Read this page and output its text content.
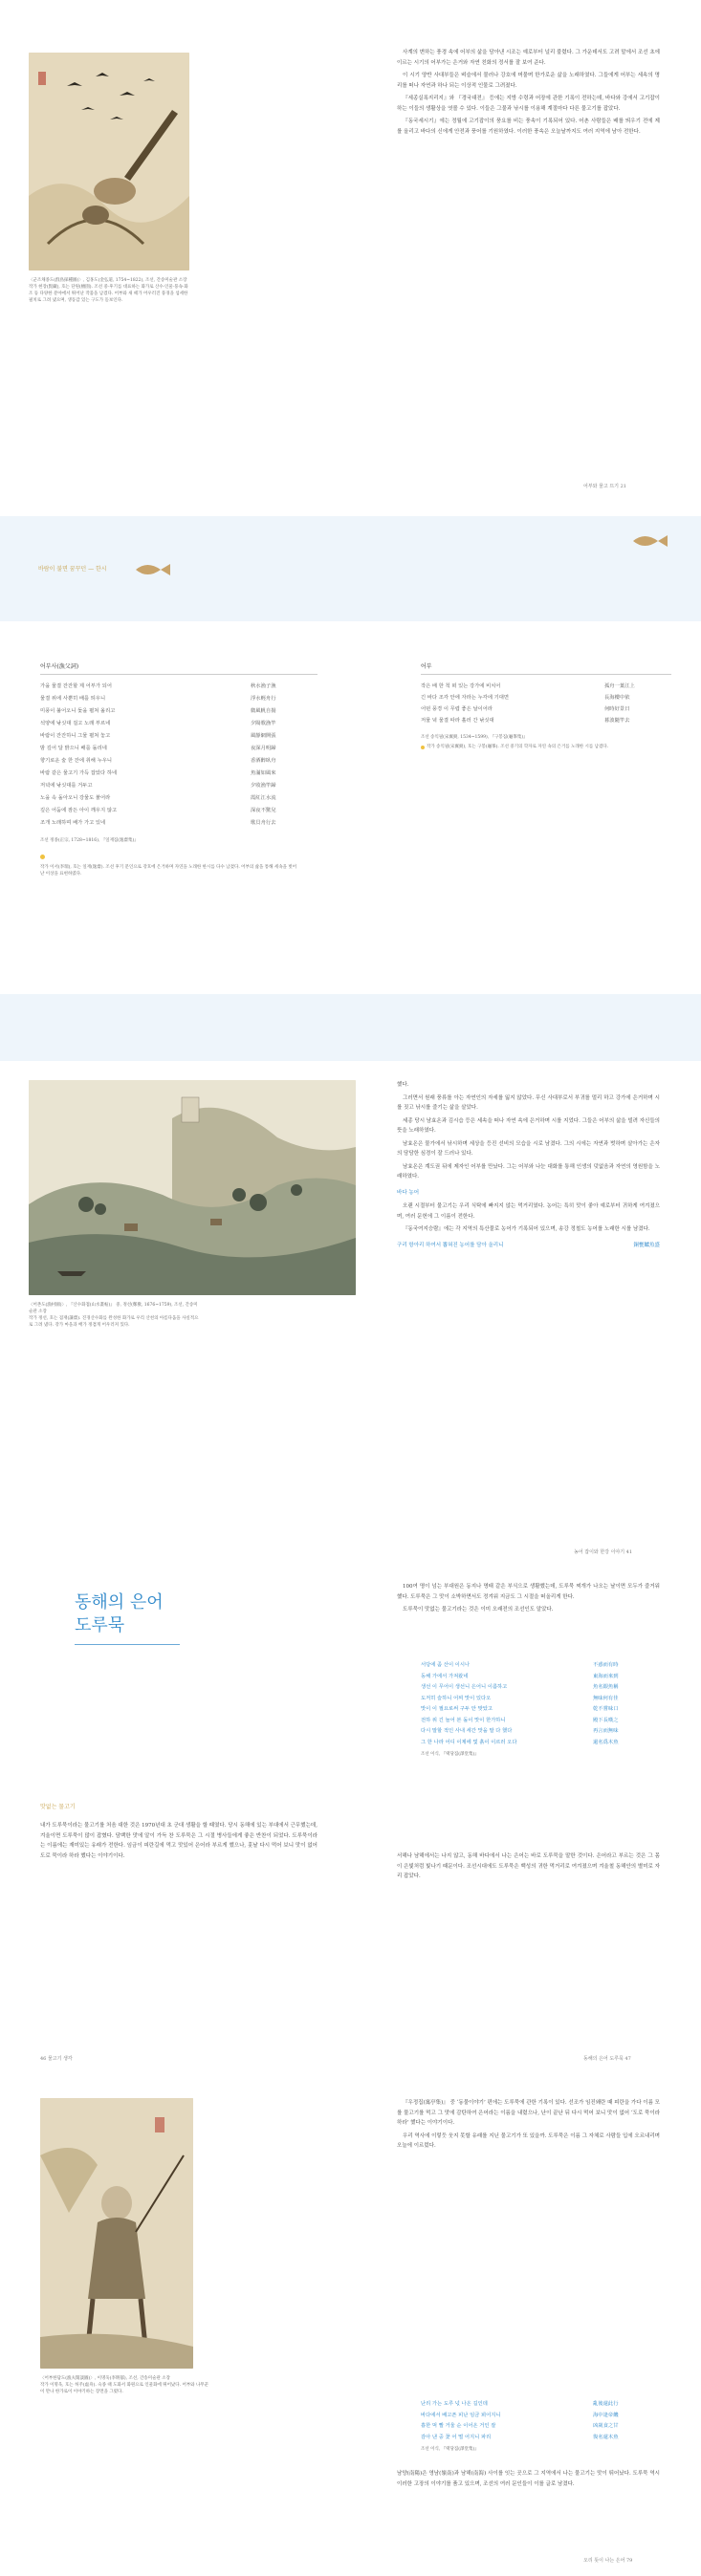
〈군조채종도(群鳥採種圖)〉, 김홍도(金弘道, 1754~1822), 조선, 간송미술관 소장
작가 현장(賢藏), 호는 단원(檀園). 조선 중·후기를 대표하는 화가로 산수·인물·풍속·화조 등 다양한 분야에서 뛰어난 작품을 남겼다. 어부와 새 떼가 어우러진 풍경을 섬세한 필치로 그려 냈으며, 생동감 있는 구도가 돋보인다.

사계의 변하는 풍경 속에 어부의 삶을 담아낸 시조는 예로부터 널리 불렸다. 그 가운데서도 고려 말에서 조선 초에 이르는 시기의 어부가는 은거와 자연 친화의 정서를 잘 보여 준다.

이 시기 양반 사대부들은 벼슬에서 물러나 강호에 머물며 한가로운 삶을 노래하였다. 그들에게 어부는 세속의 명리를 떠나 자연과 하나 되는 이상적 인물로 그려졌다.

『세종실록지리지』와 『경국대전』 등에는 지방 수령과 어장에 관한 기록이 전하는데, 바다와 강에서 고기잡이하는 이들의 생활상을 엿볼 수 있다. 이들은 그물과 낚시를 이용해 계절마다 다른 물고기를 잡았다.

『동국세시기』에는 정월에 고기잡이의 풍요를 비는 풍속이 기록되어 있다. 어촌 사람들은 배를 띄우기 전에 제를 올리고 바다의 신에게 안전과 풍어를 기원하였다. 이러한 풍속은 오늘날까지도 여러 지역에 남아 전한다.

어부와 물고 뜨기 21
바람이 불면 꿈꾸던 — 한시
어부사(漁父詞)
가을 물결 잔잔할 제 어부가 되어	秋水漁子漁
물결 위에 사뿐히 배를 띄우니	浮水輕舟行
미풍이 불어오니 돛을 펼쳐 올리고	微風帆自揚
석양에 낚싯대 걸고 노래 부르네	夕陽歌漁竿
바람이 잔잔하니 그물 펼쳐 놓고	風靜網開張
밤 깊어 달 밝으니 배를 돌리네	夜深月明歸
향기로운 술 한 잔에 취해 누우니	香酒醉臥舟
바람 같은 물고기 가득 잡았다 하네	魚滿如風來
저녁에 낚싯대를 거두고	夕收漁竿歸
노을 속 돌아오니 강물도 붉어라	霞紅江水流
깊은 어둠에 잠든 아이 깨우지 않고	深夜不驚兒
조개 노래하며 배가 가고 있네	歌貝舟行去
조선 정종(正宗, 1728~1816), 『일재집(逸齋集)』
작가 이서(李瑞), 호는 일재(逸齋). 조선 후기 문인으로 강호에 은거하며 자연을 노래한 한시를 다수 남겼다. 어부의 삶을 통해 세속을 벗어난 이상을 표현하였다.
어부
작은 배 한 척 떠 있는 강가에 비치어	孤舟一葉江上
긴 바다 조각 안에 자라는 누각에 기대면	長海樓中依
어떤 풍경 이 무렵 좋은 날이어라	何時好景日
저물 녘 물결 따라 흘러 간 낚싯대	暮波隨竿去
조선 송익필(宋翼弼, 1534~1599), 『구봉집(龜峯集)』
작가 송익필(宋翼弼), 호는 구봉(龜峯). 조선 중기의 학자로 자연 속의 은거를 노래한 시를 남겼다.
〈어촌도(漁村圖)〉, 『산수화첩(山水畫帖)』 중, 정선(鄭敾, 1676~1759), 조선, 간송미술관 소장
작가 정선, 호는 겸재(謙齋). 진경산수화를 완성한 화가로 우리 산천의 아름다움을 사실적으로 그려 냈다. 강가 마을과 배가 정겹게 어우러져 있다.

했다.

그러면서 원래 풍류를 아는 자연인의 자세를 잃지 않았다. 무신 사대부로서 부귀를 멀리 하고 강가에 은거하며 시를 짓고 낚시를 즐기는 삶을 살았다.

세종 당시 남효온과 김시습 등은 세속을 떠나 자연 속에 은거하며 시를 지었다. 그들은 어부의 삶을 빌려 자신들의 뜻을 노래하였다.

남효온은 물가에서 낚시하며 세상을 등진 선비의 모습을 시로 남겼다. 그의 시에는 자연과 벗하며 살아가는 은자의 담담한 심경이 잘 드러나 있다.

남효온은 계도권 뒤에 제자인 어부를 만났다. 그는 어부와 나눈 대화를 통해 인생의 덧없음과 자연의 영원함을 노래하였다.

바다 농어

오랜 시절부터 물고기는 우리 식탁에 빠지지 않는 먹거리였다. 농어는 특히 맛이 좋아 예로부터 귀하게 여겨졌으며, 여러 문헌에 그 이름이 전한다.

『동국여지승람』에는 각 지역의 특산물로 농어가 기록되어 있으며, 송강 정철도 농어를 노래한 시를 남겼다.

구리 항아리 하여서 뽑혀진 농어를 담아 올리니	銅甕鱸魚盛
농어 잡이와 한강 이야기 41
동해의 은어
도루묵
맛없는 물고기
내가 도루묵이라는 물고기를 처음 대한 것은 1970년대 초 군대 생활을 할 때였다. 당시 동해에 있는 부대에서 근무했는데, 겨울이면 도루묵이 많이 잡혔다. 담백한 맛에 알이 가득 찬 도루묵은 그 시절 병사들에게 좋은 반찬이 되었다. 도루묵이라는 이름에는 재미있는 유래가 전한다. 임금이 피란길에 먹고 맛있어 은어라 부르게 했으나, 훗날 다시 먹어 보니 맛이 없어 도로 묵이라 하라 했다는 이야기이다.
46 물고기 생각

100여 명이 넘는 부대원은 동지나 명태 같은 부식으로 생활했는데, 도루묵 찌개가 나오는 날이면 모두가 즐거워했다. 도루묵은 그 맛이 소박하면서도 정겨워 지금도 그 시절을 떠올리게 한다.

도루묵이 맛없는 물고기라는 것은 이미 오래전의 조선인도 알았다.

서당에 좀 산이 이시나	不惑而有時
동해 가에서 가져왔네	東海而來到
생선 이 무어이 생선니 은어니 이름하고	魚名銀魚稱
도저히 슬하니 어찌 맛이 있다오	無味何有佳
맛이 이 필요로써 구두 안 맞았고	乾不嘗味口
전하 위 긴 늘어 본 돌이 맛이 한가하니	殿下長嘆之
다시 말할 적인 사내 세간 맛을 말 다 했다	再言而無味
그 한 나라 어디 이제에 빛 흙이 이르러 오다	還名爲木魚
조선 이식, 『택당집(澤堂集)』
서해나 남해에서는 나지 않고, 동해 바다에서 나는 은어는 바로 도루묵을 말한 것이다. 은어라고 부르는 것은 그 몸이 은빛처럼 빛나기 때문이다. 조선시대에도 도루묵은 백성의 귀한 먹거리로 여겨졌으며 겨울철 동해안의 별미로 자리 잡았다.
동해의 은어 도루묵 47
〈어부한담도(漁夫閑談圖)〉, 이명욱(李明郁), 조선, 간송미술관 소장
작가 이명욱, 호는 허주(虛舟). 숙종 때 도화서 화원으로 인물화에 뛰어났다. 어부와 나무꾼이 만나 한가로이 이야기하는 장면을 그렸다.

『우정집(寓亭集)』 중 ‘동물이야기’ 편에는 도루묵에 관한 기록이 있다. 선조가 임진왜란 때 피란을 가다 이름 모를 물고기를 먹고 그 맛에 감탄하여 은어라는 이름을 내렸으나, 난이 끝난 뒤 다시 먹어 보니 맛이 없어 ‘도로 묵이라 하라’ 했다는 이야기이다.

우리 역사에 이렇듯 웃지 못할 유래를 지닌 물고기가 또 있을까. 도루묵은 이름 그 자체로 사람들 입에 오르내리며 오늘에 이르렀다.

난리 가는 도루 넋 나온 길인데	亂後還此行
바다에서 배고픈 피난 임금 뵈어지니	海中逢帝饑
흉한 먹 빨 거울 순 이어온 거인 잘	凶歲食之甘
감아 낸 중 꽃 어 떨 어지니 파리	復名還木魚
조선 이식, 『택당집(澤堂集)』
남양(南陽)은 영남(嶺南)과 남해(南海) 사이를 잇는 곳으로 그 지역에서 나는 물고기는 맛이 뛰어났다. 도루묵 역시 이러한 고장의 이야기를 품고 있으며, 조선의 여러 문인들이 이를 글로 남겼다.
오리 뜻이 나는 은어 79
